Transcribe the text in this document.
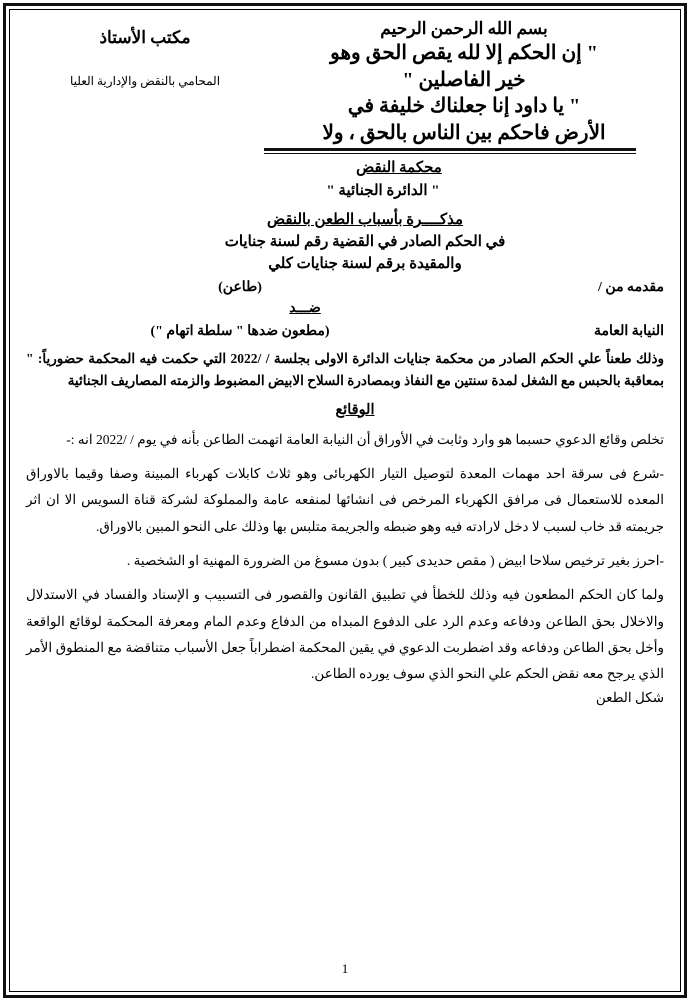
بسم الله الرحمن الرحيم
" إن الحكم إلا لله يقص الحق وهو
خير الفاصلين "
" يا داود إنا جعلناك خليفة في
الأرض فاحكم بين الناس بالحق ، ولا
مكتب الأستاذ
المحامي بالنقض والإدارية العليا
محكمة النقض
" الدائرة الجنائية "
مذكــــرة بأسباب الطعن بالنقض
في الحكم الصادر في القضية رقم لسنة جنايات
والمقيدة برقم لسنة جنايات كلي
مقدمه من /
(طاعن)
ضـــد
النيابة العامة
(مطعون ضدها " سلطة اتهام ")
وذلك طعناً علي الحكم الصادر من محكمة جنايات الدائرة الاولى بجلسة / /2022 التي حكمت فيه المحكمة حضورياً: " بمعاقبة بالحبس مع الشغل لمدة سنتين مع النفاذ وبمصادرة السلاح الابيض المضبوط والزمته المصاريف الجنائية
الوقائع
تخلص وقائع الدعوي حسبما هو وارد وثابت في الأوراق أن النيابة العامة اتهمت الطاعن بأنه في يوم / /2022 انه :-
-شرع فى سرقة احد مهمات المعدة لتوصيل التيار الكهربائى وهو ثلاث كابلات كهرباء المبينة وصفا وقيما بالاوراق المعده للاستعمال فى مرافق الكهرباء المرخص فى انشائها لمنفعه عامة والمملوكة لشركة قناة السويس الا ان اثر جريمته قد خاب لسبب لا دخل لارادته فيه وهو ضبطه والجريمة متلبس بها وذلك على النحو المبين بالاوراق.
-احرز بغير ترخيص سلاحا ابيض ( مقص حديدى كبير ) بدون مسوغ من الضرورة المهنية او الشخصية .
ولما كان الحكم المطعون فيه وذلك للخطأ في تطبيق القانون والقصور فى التسبيب و الإسناد والفساد في الاستدلال والاخلال بحق الطاعن ودفاعه وعدم الرد على الدفوع المبداه من الدفاع وعدم المام ومعرفة المحكمة لوقائع الواقعة وأخل بحق الطاعن ودفاعه وقد اضطربت الدعوي في يقين المحكمة اضطراباً جعل الأسباب متناقضة مع المنطوق الأمر الذي يرجح معه نقض الحكم علي النحو الذي سوف يورده الطاعن.
شكل الطعن
1
